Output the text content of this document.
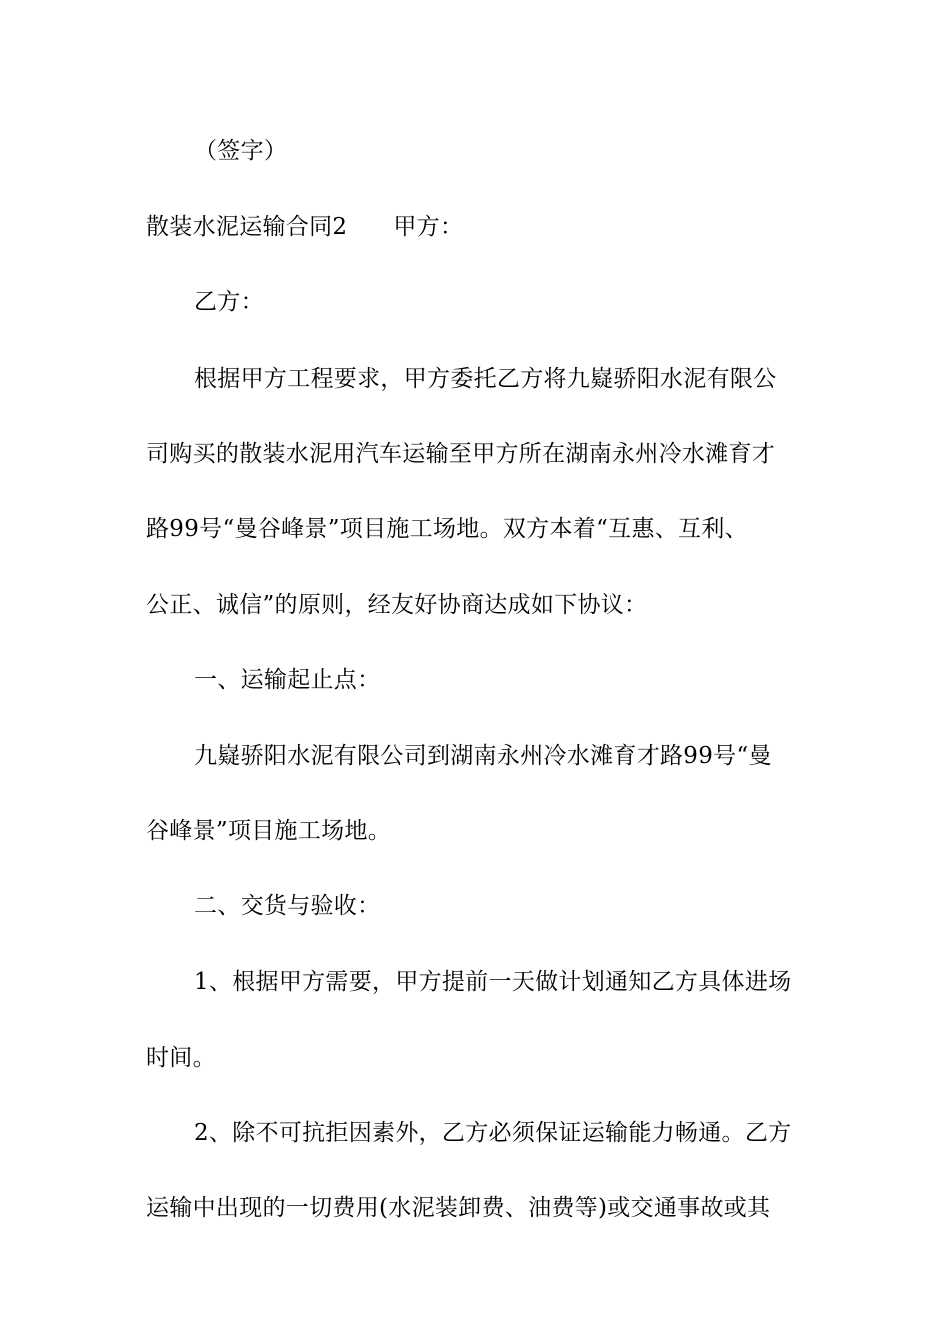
（签字）
散装水泥运输合同2 甲方：
乙方：
根据甲方工程要求，甲方委托乙方将九嶷骄阳水泥有限公
司购买的散装水泥用汽车运输至甲方所在湖南永州冷水滩育才
路99号“曼谷峰景”项目施工场地。双方本着“互惠、互利、
公正、诚信”的原则，经友好协商达成如下协议：
一、运输起止点：
九嶷骄阳水泥有限公司到湖南永州冷水滩育才路99号“曼
谷峰景”项目施工场地。
二、交货与验收：
1、根据甲方需要，甲方提前一天做计划通知乙方具体进场
时间。
2、除不可抗拒因素外，乙方必须保证运输能力畅通。乙方
运输中出现的一切费用(水泥装卸费、油费等)或交通事故或其
